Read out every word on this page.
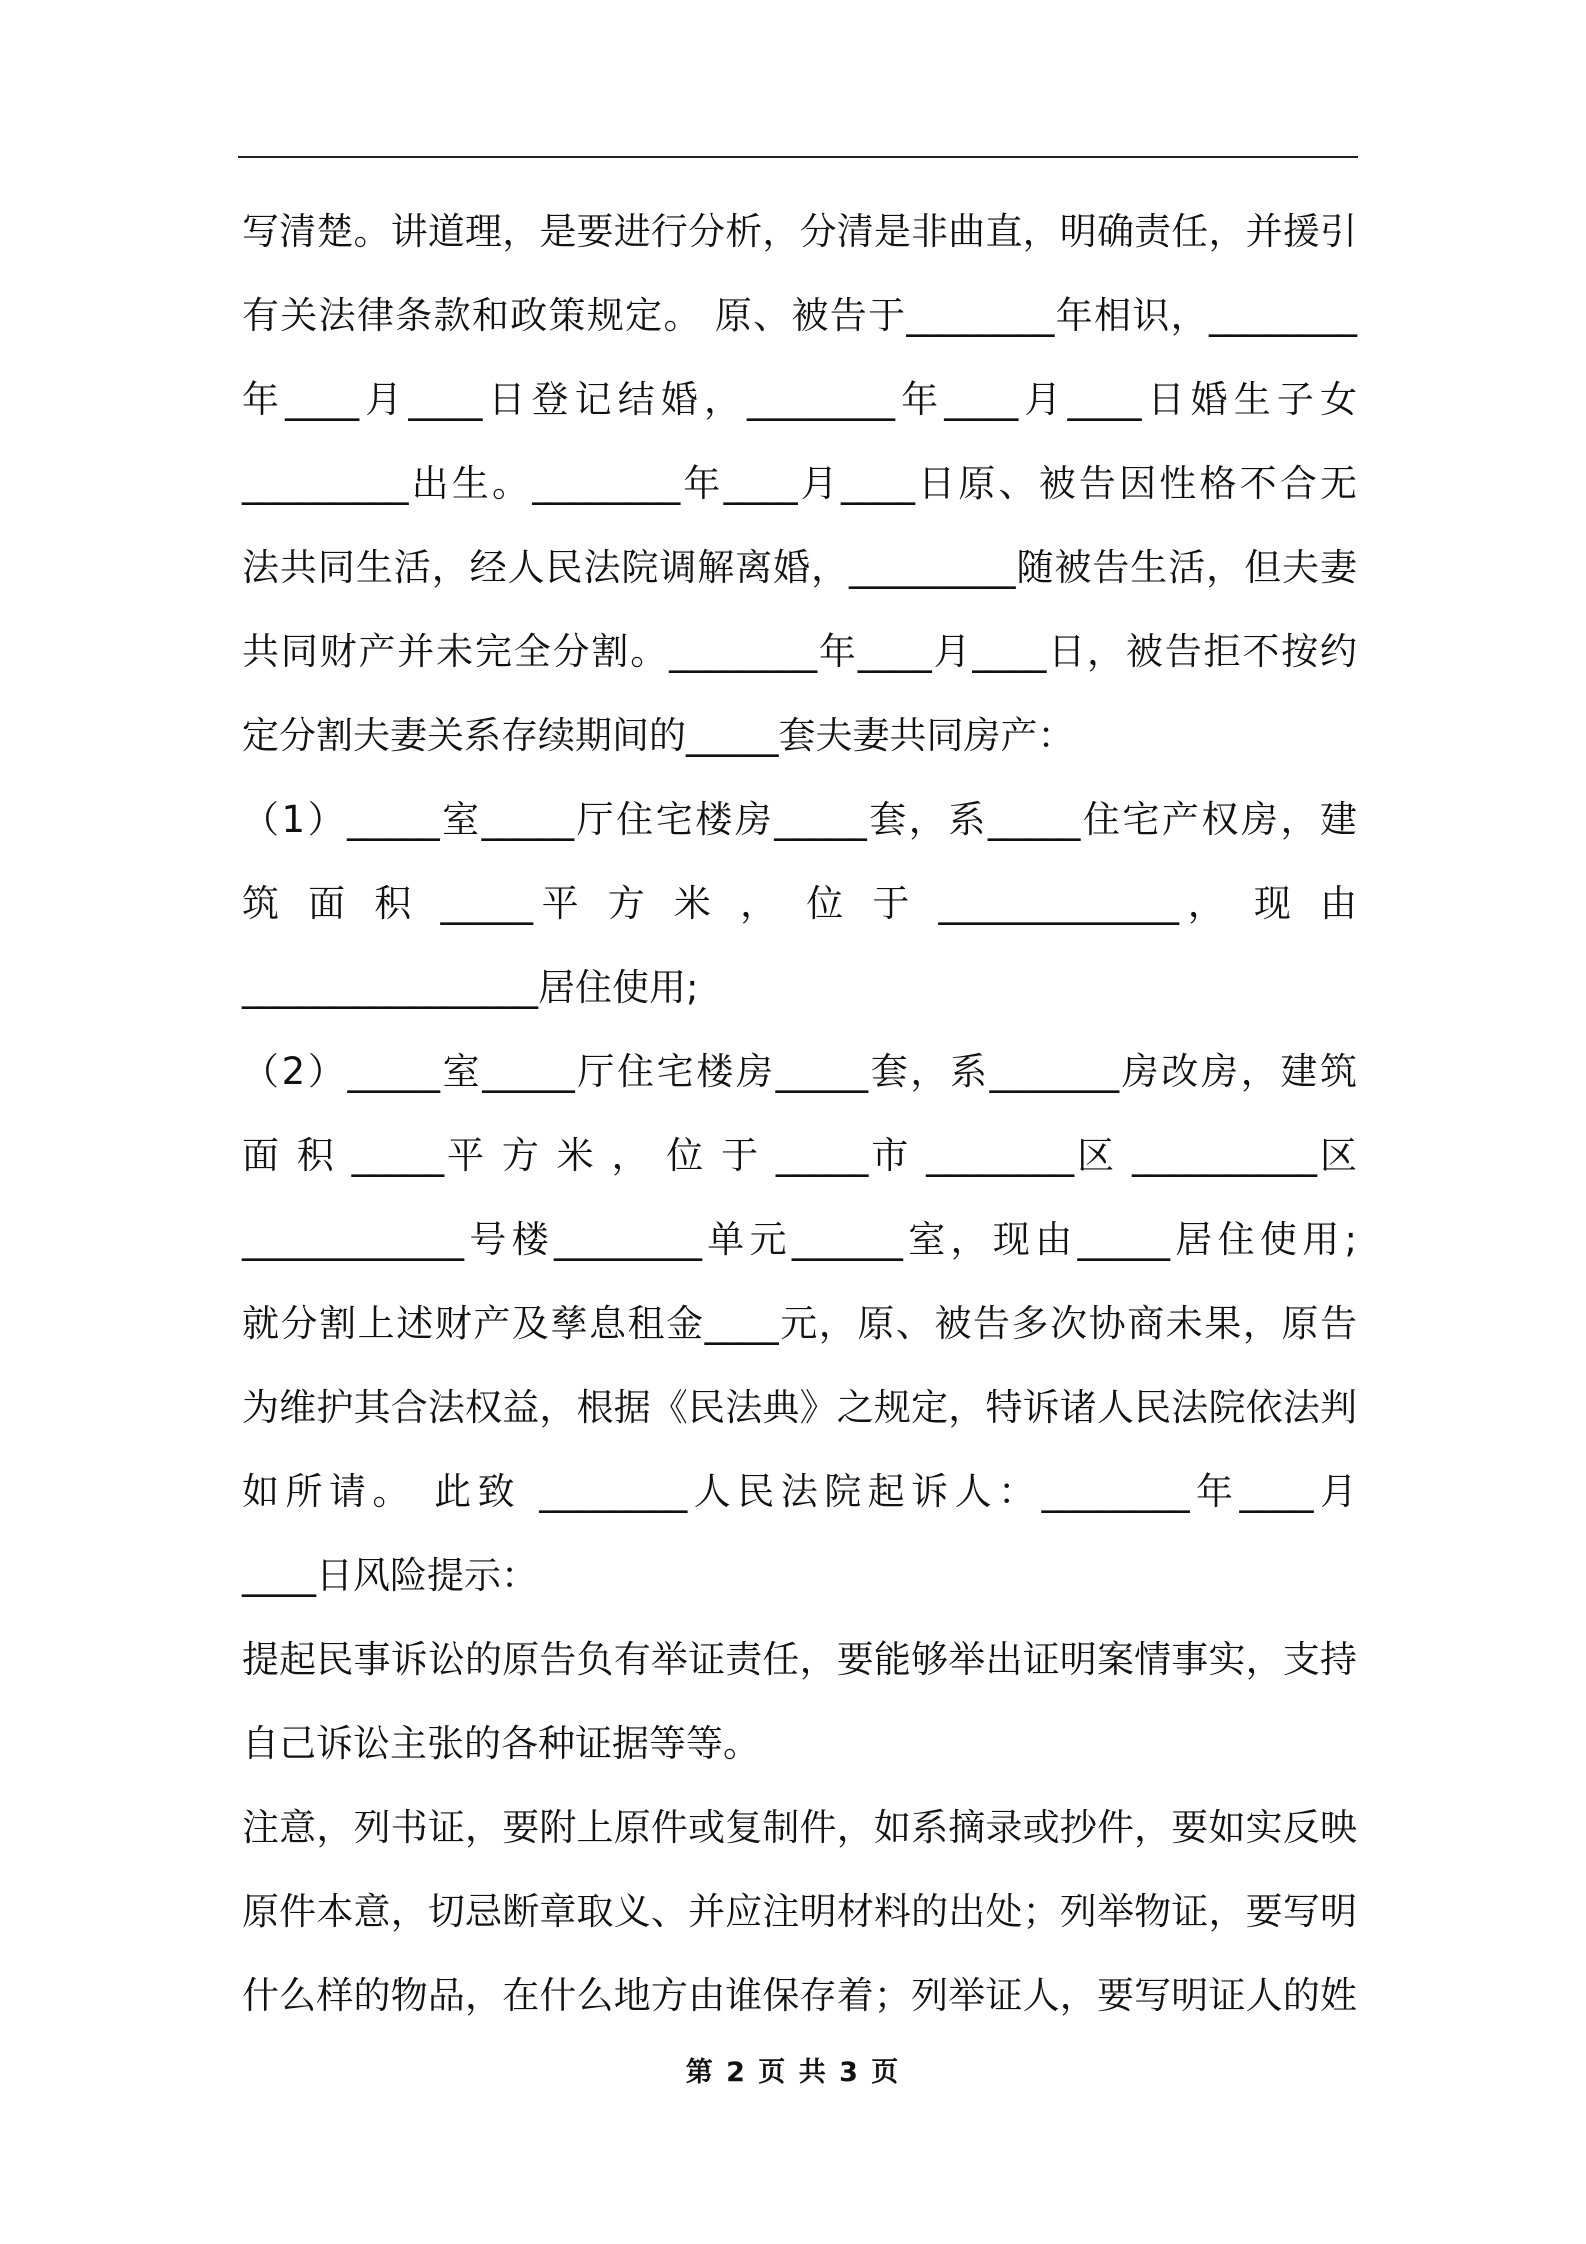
写清楚。讲道理，是要进行分析，分清是非曲直，明确责任，并援引
有关法律条款和政策规定。 原、被告于________年相识，________
年____月____日登记结婚，________年____月____日婚生子女
_________出生。________年____月____日原、被告因性格不合无
法共同生活，经人民法院调解离婚，_________随被告生活，但夫妻
共同财产并未完全分割。________年____月____日，被告拒不按约
定分割夫妻关系存续期间的_____套夫妻共同房产：
（1）_____室_____厅住宅楼房_____套，系_____住宅产权房，建
筑 面 积 _____平 方 米 ， 位 于 _____________， 现 由
________________居住使用;
（2）_____室_____厅住宅楼房_____套，系_______房改房，建筑
面 积 _____平 方 米 ， 位 于 _____市 ________区 __________区
____________号楼________单元______室，现由_____居住使用;
就分割上述财产及孳息租金____元，原、被告多次协商未果，原告
为维护其合法权益，根据《民法典》之规定，特诉诸人民法院依法判
如所请。 此致 ________人民法院起诉人：________年____月
____日风险提示：
提起民事诉讼的原告负有举证责任，要能够举出证明案情事实，支持
自己诉讼主张的各种证据等等。
注意，列书证，要附上原件或复制件，如系摘录或抄件，要如实反映
原件本意，切忌断章取义、并应注明材料的出处；列举物证，要写明
什么样的物品，在什么地方由谁保存着；列举证人，要写明证人的姓
第 2 页 共 3 页
